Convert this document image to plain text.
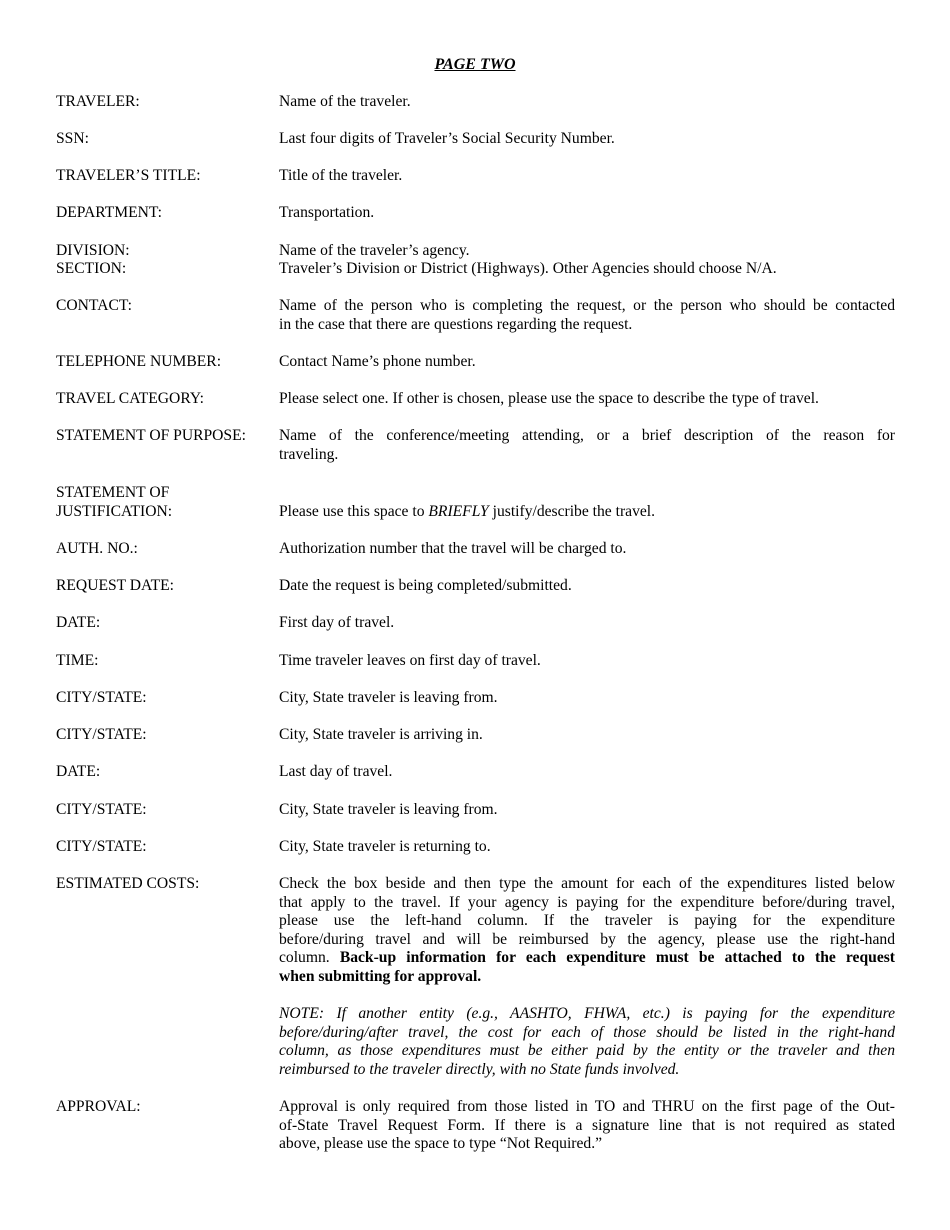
PAGE TWO
TRAVELER:	Name of the traveler.
SSN:	Last four digits of Traveler’s Social Security Number.
TRAVELER’S TITLE:	Title of the traveler.
DEPARTMENT:	Transportation.
DIVISION:	Name of the traveler’s agency.
SECTION:	Traveler’s Division or District (Highways). Other Agencies should choose N/A.
CONTACT:	Name of the person who is completing the request, or the person who should be contacted
in the case that there are questions regarding the request.
TELEPHONE NUMBER:	Contact Name’s phone number.
TRAVEL CATEGORY:	Please select one. If other is chosen, please use the space to describe the type of travel.
STATEMENT OF PURPOSE:	Name of the conference/meeting attending, or a brief description of the reason for
traveling.
STATEMENT OF
JUSTIFICATION:	Please use this space to BRIEFLY justify/describe the travel.
AUTH. NO.:	Authorization number that the travel will be charged to.
REQUEST DATE:	Date the request is being completed/submitted.
DATE:	First day of travel.
TIME:	Time traveler leaves on first day of travel.
CITY/STATE:	City, State traveler is leaving from.
CITY/STATE:	City, State traveler is arriving in.
DATE:	Last day of travel.
CITY/STATE:	City, State traveler is leaving from.
CITY/STATE:	City, State traveler is returning to.
ESTIMATED COSTS:	Check the box beside and then type the amount for each of the expenditures listed below
that apply to the travel. If your agency is paying for the expenditure before/during travel,
please use the left-hand column. If the traveler is paying for the expenditure
before/during travel and will be reimbursed by the agency, please use the right-hand
column. Back-up information for each expenditure must be attached to the request
when submitting for approval.
NOTE: If another entity (e.g., AASHTO, FHWA, etc.) is paying for the expenditure
before/during/after travel, the cost for each of those should be listed in the right-hand
column, as those expenditures must be either paid by the entity or the traveler and then
reimbursed to the traveler directly, with no State funds involved.
APPROVAL:	Approval is only required from those listed in TO and THRU on the first page of the Out-
of-State Travel Request Form. If there is a signature line that is not required as stated
above, please use the space to type “Not Required.”
